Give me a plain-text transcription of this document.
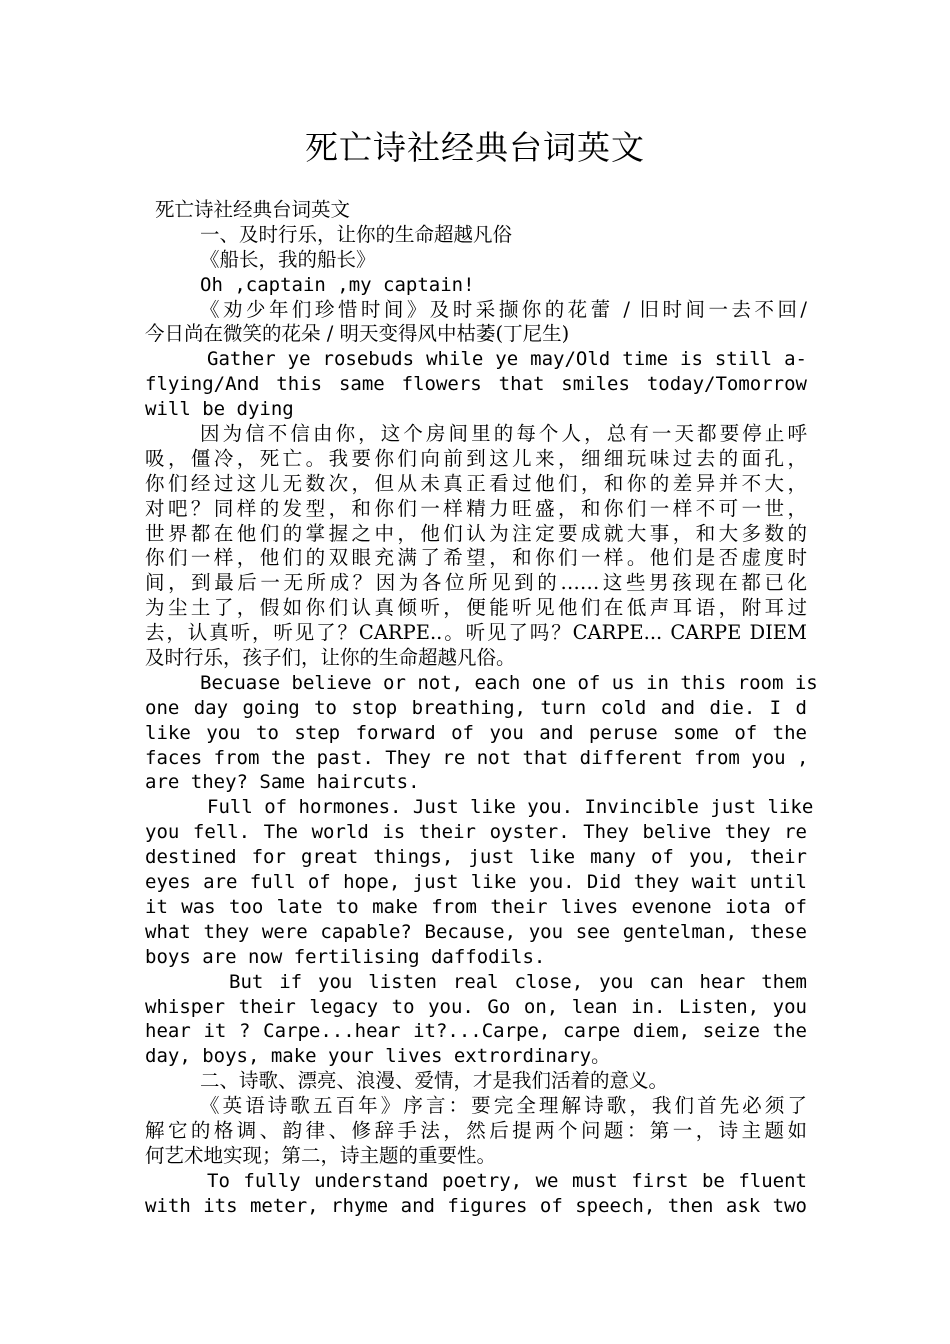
死亡诗社经典台词英文
死亡诗社经典台词英文
一、及时行乐，让你的生命超越凡俗
《船长，我的船长》
Oh ,captain ,my captain!
《劝少年们珍惜时间》及时采撷你的花蕾 / 旧时间一去不回/
今日尚在微笑的花朵 / 明天变得风中枯萎(丁尼生)
Gather ye rosebuds while ye may/Old time is still a-
flying/And this same flowers that smiles today/Tomorrow
will be dying
因为信不信由你，这个房间里的每个人，总有一天都要停止呼
吸，僵冷，死亡。我要你们向前到这儿来，细细玩味过去的面孔，
你们经过这儿无数次，但从未真正看过他们，和你的差异并不大，
对吧？同样的发型，和你们一样精力旺盛，和你们一样不可一世，
世界都在他们的掌握之中，他们认为注定要成就大事，和大多数的
你们一样，他们的双眼充满了希望，和你们一样。他们是否虚度时
间，到最后一无所成？因为各位所见到的……这些男孩现在都已化
为尘土了，假如你们认真倾听，便能听见他们在低声耳语，附耳过
去，认真听，听见了？CARPE..。听见了吗？CARPE... CARPE DIEM
及时行乐，孩子们，让你的生命超越凡俗。
Becuase believe or not, each one of us in this room is
one day going to stop breathing, turn cold and die. I d
like you to step forward of you and peruse some of the
faces from the past. They re not that different from you ,
are they? Same haircuts.
Full of hormones. Just like you. Invincible just like
you fell. The world is their oyster. They belive they re
destined for great things, just like many of you, their
eyes are full of hope, just like you. Did they wait until
it was too late to make from their lives evenone iota of
what they were capable? Because, you see gentelman, these
boys are now fertilising daffodils.
But if you listen real close, you can hear them
whisper their legacy to you. Go on, lean in. Listen, you
hear it ? Carpe...hear it?...Carpe, carpe diem, seize the
day, boys, make your lives extrordinary。
二、诗歌、漂亮、浪漫、爱情，才是我们活着的意义。
《英语诗歌五百年》序言：要完全理解诗歌，我们首先必须了
解它的格调、韵律、修辞手法，然后提两个问题：第一，诗主题如
何艺术地实现；第二，诗主题的重要性。
To fully understand poetry, we must first be fluent
with its meter, rhyme and figures of speech, then ask two
